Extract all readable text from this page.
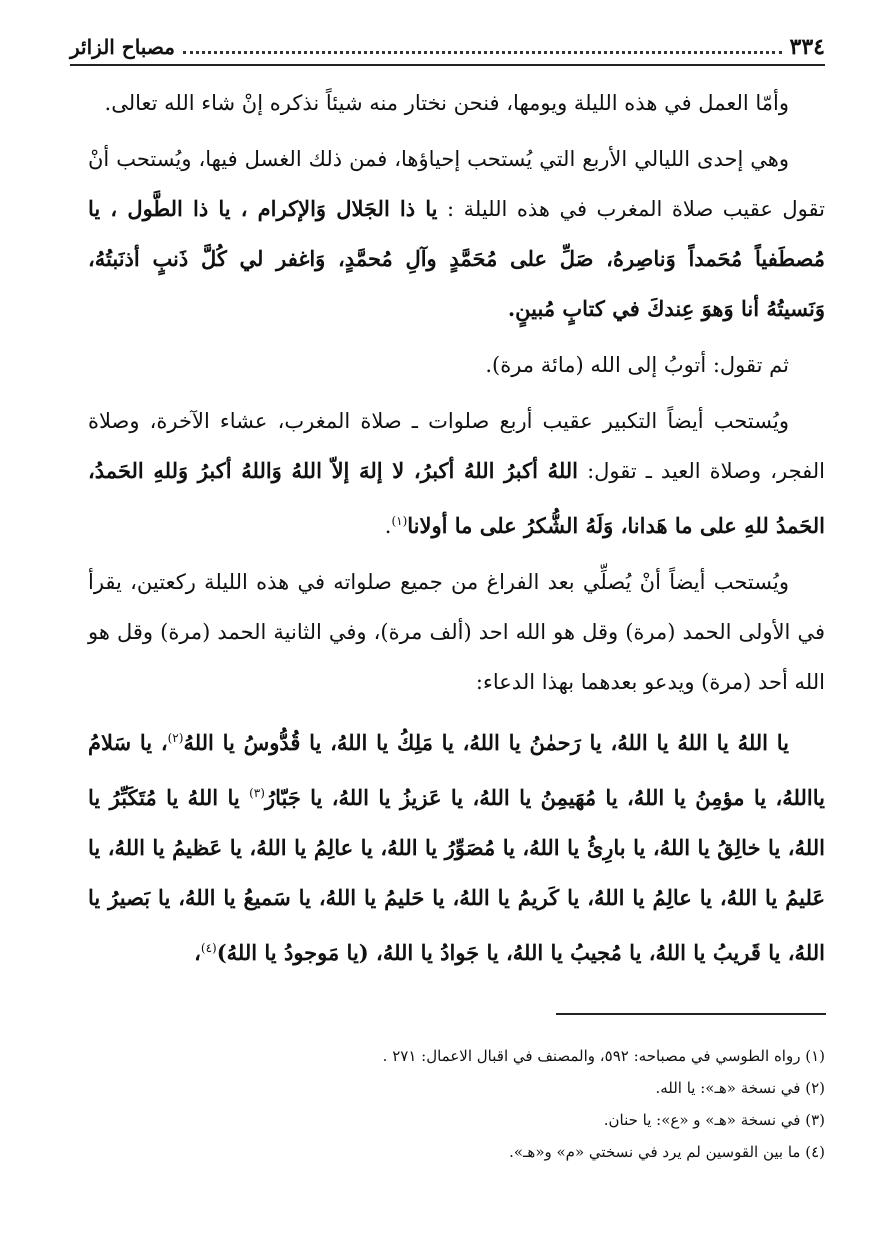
٣٣٤
مصباح الزائر

وأمّا العمل في هذه الليلة ويومها، فنحن نختار منه شيئاً نذكره إنْ شاء الله تعالى.

وهي إحدى الليالي الأربع التي يُستحب إحياؤها، فمن ذلك الغسل فيها، ويُستحب أنْ تقول عقيب صلاة المغرب في هذه الليلة : يا ذا الجَلال وَالإكرام ، يا ذا الطَّول ، يا مُصطَفياً مُحَمداً وَناصِرهُ، صَلِّ على مُحَمَّدٍ وآلِ مُحمَّدٍ، وَاغفر لي كُلَّ ذَنبٍ أذنَبتُهُ، وَنَسيتُهُ أنا وَهوَ عِندكَ في كتابٍ مُبينٍ.

ثم تقول: أتوبُ إلى الله (مائة مرة).

ويُستحب أيضاً التكبير عقيب أربع صلوات ـ صلاة المغرب، عشاء الآخرة، وصلاة الفجر، وصلاة العيد ـ تقول: اللهُ أكبرُ اللهُ أكبرُ، لا إلهَ إلاّ اللهُ وَاللهُ أكبرُ وَللهِ الحَمدُ، الحَمدُ للهِ على ما هَدانا، وَلَهُ الشُّكرُ على ما أولانا$^{(١)}$.

ويُستحب أيضاً أنْ يُصلِّي بعد الفراغ من جميع صلواته في هذه الليلة ركعتين، يقرأ في الأولى الحمد (مرة) وقل هو الله احد (ألف مرة)، وفي الثانية الحمد (مرة) وقل هو الله أحد (مرة) ويدعو بعدهما بهذا الدعاء:

يا اللهُ يا اللهُ يا اللهُ، يا رَحمٰنُ يا اللهُ، يا مَلِكُ يا اللهُ، يا قُدُّوسُ يا اللهُ$^{(٢)}$، يا سَلامُ يااللهُ، يا مؤمِنُ يا اللهُ، يا مُهَيمِنُ يا اللهُ، يا عَزيزُ يا اللهُ، يا جَبّارُ$^{(٣)}$ يا اللهُ يا مُتَكَبِّرُ يا اللهُ، يا خالِقُ يا اللهُ، يا بارِئُ يا اللهُ، يا مُصَوِّرُ يا اللهُ، يا عالِمُ يا اللهُ، يا عَظيمُ يا اللهُ، يا عَليمُ يا اللهُ، يا عالِمُ يا اللهُ، يا كَريمُ يا اللهُ، يا حَليمُ يا اللهُ، يا سَميعُ يا اللهُ، يا بَصيرُ يا اللهُ، يا قَريبُ يا اللهُ، يا مُجيبُ يا اللهُ، يا جَوادُ يا اللهُ، (يا مَوجودُ يا اللهُ)$^{(٤)}$،

(١) رواه الطوسي في مصباحه: ٥٩٢، والمصنف في اقبال الاعمال: ٢٧١ .
(٢) في نسخة «هـ»: يا الله.
(٣) في نسخة «هـ» و «ع»: يا حنان.
(٤) ما بين القوسين لم يرد في نسختي «م» و«هـ».
